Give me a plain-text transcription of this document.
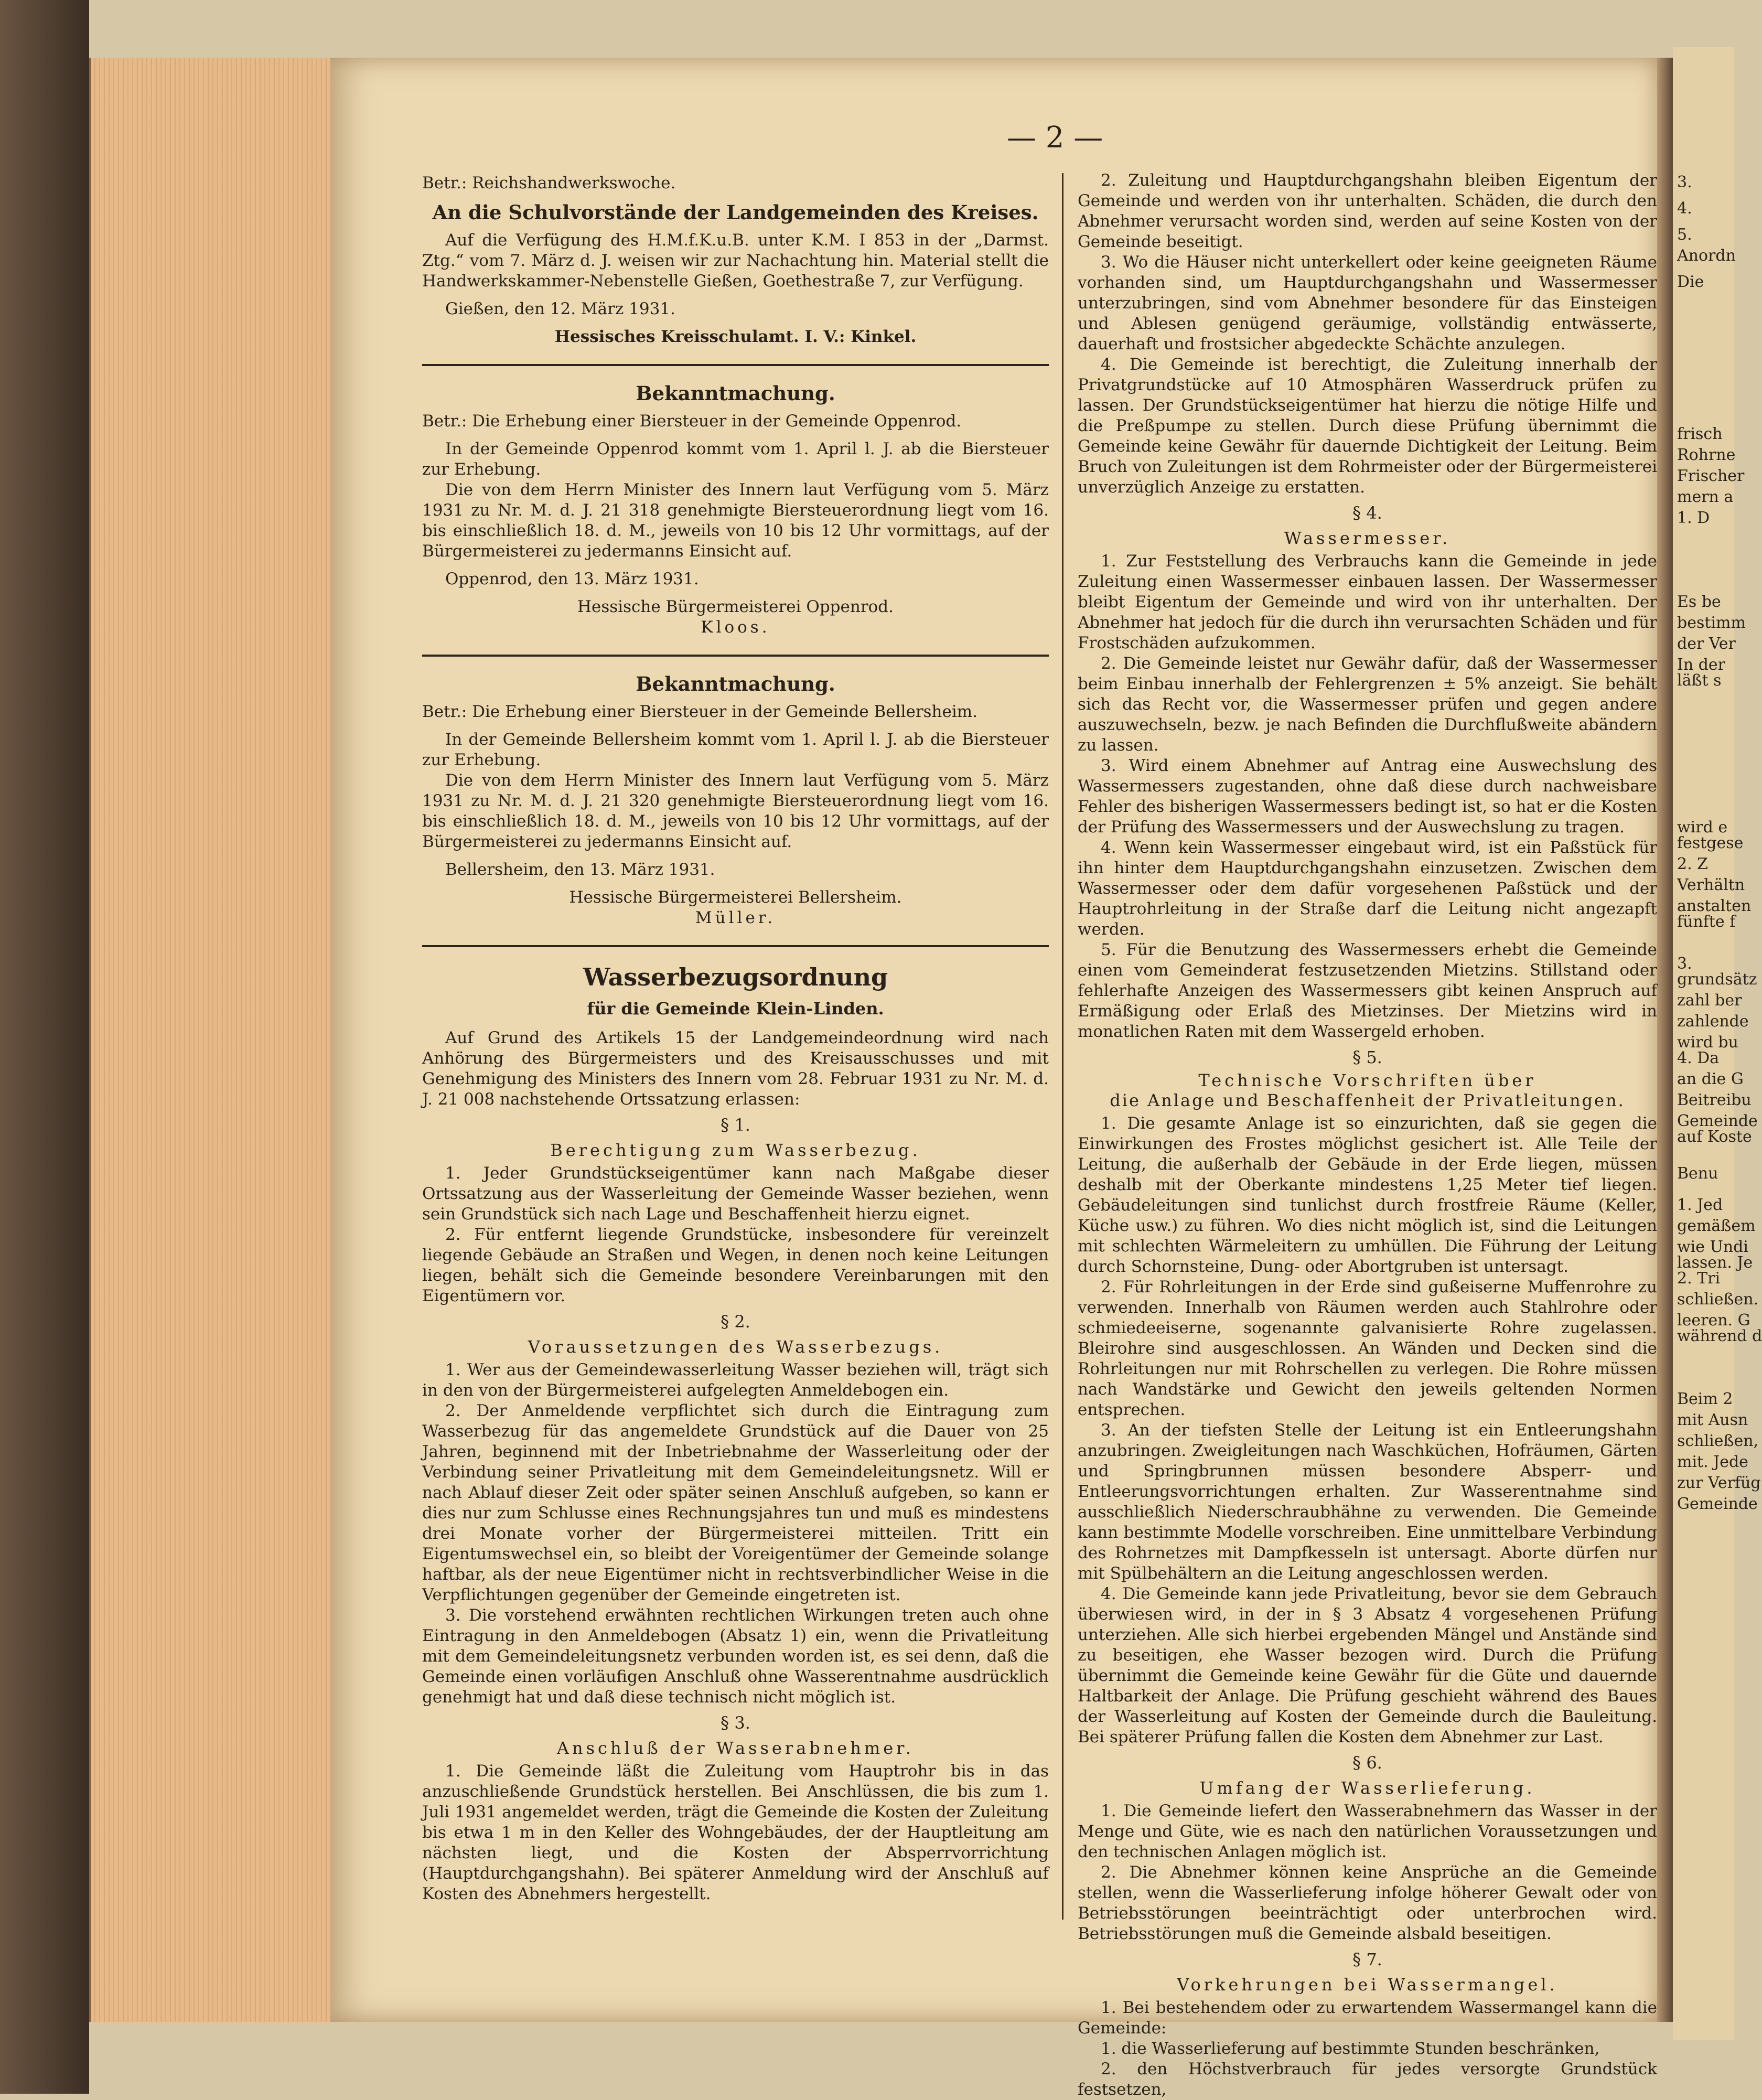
3.
4.
5.
Anordn
Die
frisch
Rohrne
Frischer
mern a
1. D
Es be
bestimm
der Ver
In der
läßt s
wird e
festgese
2. Z
Verhältn
anstalten
fünfte f
3.
grundsätz
zahl ber
zahlende
wird bu
4. Da
an die G
Beitreibu
Gemeinde
auf Koste
Benu
1. Jed
gemäßem
wie Undi
lassen. Je
2. Tri
schließen.
leeren. G
während d
Beim 2
mit Ausn
schließen,
mit. Jede
zur Verfüg
Gemeinde
— 2 —

Betr.: Reichshandwerkswoche.

An die Schulvorstände der Landgemeinden des Kreises.

Auf die Verfügung des H.M.f.K.u.B. unter K.M. I 853 in der „Darmst. Ztg.“ vom 7. März d. J. weisen wir zur Nachachtung hin. Material stellt die Handwerkskammer-Nebenstelle Gießen, Goethestraße 7, zur Verfügung.

Gießen, den 12. März 1931.

Hessisches Kreisschulamt. I. V.: Kinkel.

Bekanntmachung.

Betr.: Die Erhebung einer Biersteuer in der Gemeinde Oppenrod.

In der Gemeinde Oppenrod kommt vom 1. April l. J. ab die Biersteuer zur Erhebung.

Die von dem Herrn Minister des Innern laut Verfügung vom 5. März 1931 zu Nr. M. d. J. 21 318 genehmigte Biersteuerordnung liegt vom 16. bis einschließlich 18. d. M., jeweils von 10 bis 12 Uhr vormittags, auf der Bürgermeisterei zu jedermanns Einsicht auf.

Oppenrod, den 13. März 1931.

Hessische Bürgermeisterei Oppenrod.

Kloos.

Bekanntmachung.

Betr.: Die Erhebung einer Biersteuer in der Gemeinde Bellersheim.

In der Gemeinde Bellersheim kommt vom 1. April l. J. ab die Biersteuer zur Erhebung.

Die von dem Herrn Minister des Innern laut Verfügung vom 5. März 1931 zu Nr. M. d. J. 21 320 genehmigte Biersteuerordnung liegt vom 16. bis einschließlich 18. d. M., jeweils von 10 bis 12 Uhr vormittags, auf der Bürgermeisterei zu jedermanns Einsicht auf.

Bellersheim, den 13. März 1931.

Hessische Bürgermeisterei Bellersheim.

Müller.

Wasserbezugsordnung

für die Gemeinde Klein-Linden.

Auf Grund des Artikels 15 der Landgemeindeordnung wird nach Anhörung des Bürgermeisters und des Kreisausschusses und mit Genehmigung des Ministers des Innern vom 28. Februar 1931 zu Nr. M. d. J. 21 008 nachstehende Ortssatzung erlassen:

§ 1.

Berechtigung zum Wasserbezug.

1. Jeder Grundstückseigentümer kann nach Maßgabe dieser Ortssatzung aus der Wasserleitung der Gemeinde Wasser beziehen, wenn sein Grundstück sich nach Lage und Beschaffenheit hierzu eignet.

2. Für entfernt liegende Grundstücke, insbesondere für vereinzelt liegende Gebäude an Straßen und Wegen, in denen noch keine Leitungen liegen, behält sich die Gemeinde besondere Vereinbarungen mit den Eigentümern vor.

§ 2.

Voraussetzungen des Wasserbezugs.

1. Wer aus der Gemeindewasserleitung Wasser beziehen will, trägt sich in den von der Bürgermeisterei aufgelegten Anmeldebogen ein.

2. Der Anmeldende verpflichtet sich durch die Eintragung zum Wasserbezug für das angemeldete Grundstück auf die Dauer von 25 Jahren, beginnend mit der Inbetriebnahme der Wasserleitung oder der Verbindung seiner Privatleitung mit dem Gemeindeleitungsnetz. Will er nach Ablauf dieser Zeit oder später seinen Anschluß aufgeben, so kann er dies nur zum Schlusse eines Rechnungsjahres tun und muß es mindestens drei Monate vorher der Bürgermeisterei mitteilen. Tritt ein Eigentumswechsel ein, so bleibt der Voreigentümer der Gemeinde solange haftbar, als der neue Eigentümer nicht in rechtsverbindlicher Weise in die Verpflichtungen gegenüber der Gemeinde eingetreten ist.

3. Die vorstehend erwähnten rechtlichen Wirkungen treten auch ohne Eintragung in den Anmeldebogen (Absatz 1) ein, wenn die Privatleitung mit dem Gemeindeleitungsnetz verbunden worden ist, es sei denn, daß die Gemeinde einen vorläufigen Anschluß ohne Wasserentnahme ausdrücklich genehmigt hat und daß diese technisch nicht möglich ist.

§ 3.

Anschluß der Wasserabnehmer.

1. Die Gemeinde läßt die Zuleitung vom Hauptrohr bis in das anzuschließende Grundstück herstellen. Bei Anschlüssen, die bis zum 1. Juli 1931 angemeldet werden, trägt die Gemeinde die Kosten der Zuleitung bis etwa 1 m in den Keller des Wohngebäudes, der der Hauptleitung am nächsten liegt, und die Kosten der Absperrvorrichtung (Hauptdurchgangshahn). Bei späterer Anmeldung wird der Anschluß auf Kosten des Abnehmers hergestellt.

2. Zuleitung und Hauptdurchgangshahn bleiben Eigentum der Gemeinde und werden von ihr unterhalten. Schäden, die durch den Abnehmer verursacht worden sind, werden auf seine Kosten von der Gemeinde beseitigt.

3. Wo die Häuser nicht unterkellert oder keine geeigneten Räume vorhanden sind, um Hauptdurchgangshahn und Wassermesser unterzubringen, sind vom Abnehmer besondere für das Einsteigen und Ablesen genügend geräumige, vollständig entwässerte, dauerhaft und frostsicher abgedeckte Schächte anzulegen.

4. Die Gemeinde ist berechtigt, die Zuleitung innerhalb der Privatgrundstücke auf 10 Atmosphären Wasserdruck prüfen zu lassen. Der Grundstückseigentümer hat hierzu die nötige Hilfe und die Preßpumpe zu stellen. Durch diese Prüfung übernimmt die Gemeinde keine Gewähr für dauernde Dichtigkeit der Leitung. Beim Bruch von Zuleitungen ist dem Rohrmeister oder der Bürgermeisterei unverzüglich Anzeige zu erstatten.

§ 4.

Wassermesser.

1. Zur Feststellung des Verbrauchs kann die Gemeinde in jede Zuleitung einen Wassermesser einbauen lassen. Der Wassermesser bleibt Eigentum der Gemeinde und wird von ihr unterhalten. Der Abnehmer hat jedoch für die durch ihn verursachten Schäden und für Frostschäden aufzukommen.

2. Die Gemeinde leistet nur Gewähr dafür, daß der Wassermesser beim Einbau innerhalb der Fehlergrenzen ± 5% anzeigt. Sie behält sich das Recht vor, die Wassermesser prüfen und gegen andere auszuwechseln, bezw. je nach Befinden die Durchflußweite abändern zu lassen.

3. Wird einem Abnehmer auf Antrag eine Auswechslung des Wassermessers zugestanden, ohne daß diese durch nachweisbare Fehler des bisherigen Wassermessers bedingt ist, so hat er die Kosten der Prüfung des Wassermessers und der Auswechslung zu tragen.

4. Wenn kein Wassermesser eingebaut wird, ist ein Paßstück für ihn hinter dem Hauptdurchgangshahn einzusetzen. Zwischen dem Wassermesser oder dem dafür vorgesehenen Paßstück und der Hauptrohrleitung in der Straße darf die Leitung nicht angezapft werden.

5. Für die Benutzung des Wassermessers erhebt die Gemeinde einen vom Gemeinderat festzusetzenden Mietzins. Stillstand oder fehlerhafte Anzeigen des Wassermessers gibt keinen Anspruch auf Ermäßigung oder Erlaß des Mietzinses. Der Mietzins wird in monatlichen Raten mit dem Wassergeld erhoben.

§ 5.

Technische Vorschriften über

die Anlage und Beschaffenheit der Privatleitungen.

1. Die gesamte Anlage ist so einzurichten, daß sie gegen die Einwirkungen des Frostes möglichst gesichert ist. Alle Teile der Leitung, die außerhalb der Gebäude in der Erde liegen, müssen deshalb mit der Oberkante mindestens 1,25 Meter tief liegen. Gebäudeleitungen sind tunlichst durch frostfreie Räume (Keller, Küche usw.) zu führen. Wo dies nicht möglich ist, sind die Leitungen mit schlechten Wärmeleitern zu umhüllen. Die Führung der Leitung durch Schornsteine, Dung- oder Abortgruben ist untersagt.

2. Für Rohrleitungen in der Erde sind gußeiserne Muffenrohre zu verwenden. Innerhalb von Räumen werden auch Stahlrohre oder schmiedeeiserne, sogenannte galvanisierte Rohre zugelassen. Bleirohre sind ausgeschlossen. An Wänden und Decken sind die Rohrleitungen nur mit Rohrschellen zu verlegen. Die Rohre müssen nach Wandstärke und Gewicht den jeweils geltenden Normen entsprechen.

3. An der tiefsten Stelle der Leitung ist ein Entleerungshahn anzubringen. Zweigleitungen nach Waschküchen, Hofräumen, Gärten und Springbrunnen müssen besondere Absperr- und Entleerungsvorrichtungen erhalten. Zur Wasserentnahme sind ausschließlich Niederschraubhähne zu verwenden. Die Gemeinde kann bestimmte Modelle vorschreiben. Eine unmittelbare Verbindung des Rohrnetzes mit Dampfkesseln ist untersagt. Aborte dürfen nur mit Spülbehältern an die Leitung angeschlossen werden.

4. Die Gemeinde kann jede Privatleitung, bevor sie dem Gebrauch überwiesen wird, in der in § 3 Absatz 4 vorgesehenen Prüfung unterziehen. Alle sich hierbei ergebenden Mängel und Anstände sind zu beseitigen, ehe Wasser bezogen wird. Durch die Prüfung übernimmt die Gemeinde keine Gewähr für die Güte und dauernde Haltbarkeit der Anlage. Die Prüfung geschieht während des Baues der Wasserleitung auf Kosten der Gemeinde durch die Bauleitung. Bei späterer Prüfung fallen die Kosten dem Abnehmer zur Last.

§ 6.

Umfang der Wasserlieferung.

1. Die Gemeinde liefert den Wasserabnehmern das Wasser in der Menge und Güte, wie es nach den natürlichen Voraussetzungen und den technischen Anlagen möglich ist.

2. Die Abnehmer können keine Ansprüche an die Gemeinde stellen, wenn die Wasserlieferung infolge höherer Gewalt oder von Betriebsstörungen beeinträchtigt oder unterbrochen wird. Betriebsstörungen muß die Gemeinde alsbald beseitigen.

§ 7.

Vorkehrungen bei Wassermangel.

1. Bei bestehendem oder zu erwartendem Wassermangel kann die Gemeinde:

1. die Wasserlieferung auf bestimmte Stunden beschränken,

2. den Höchstverbrauch für jedes versorgte Grundstück festsetzen,
